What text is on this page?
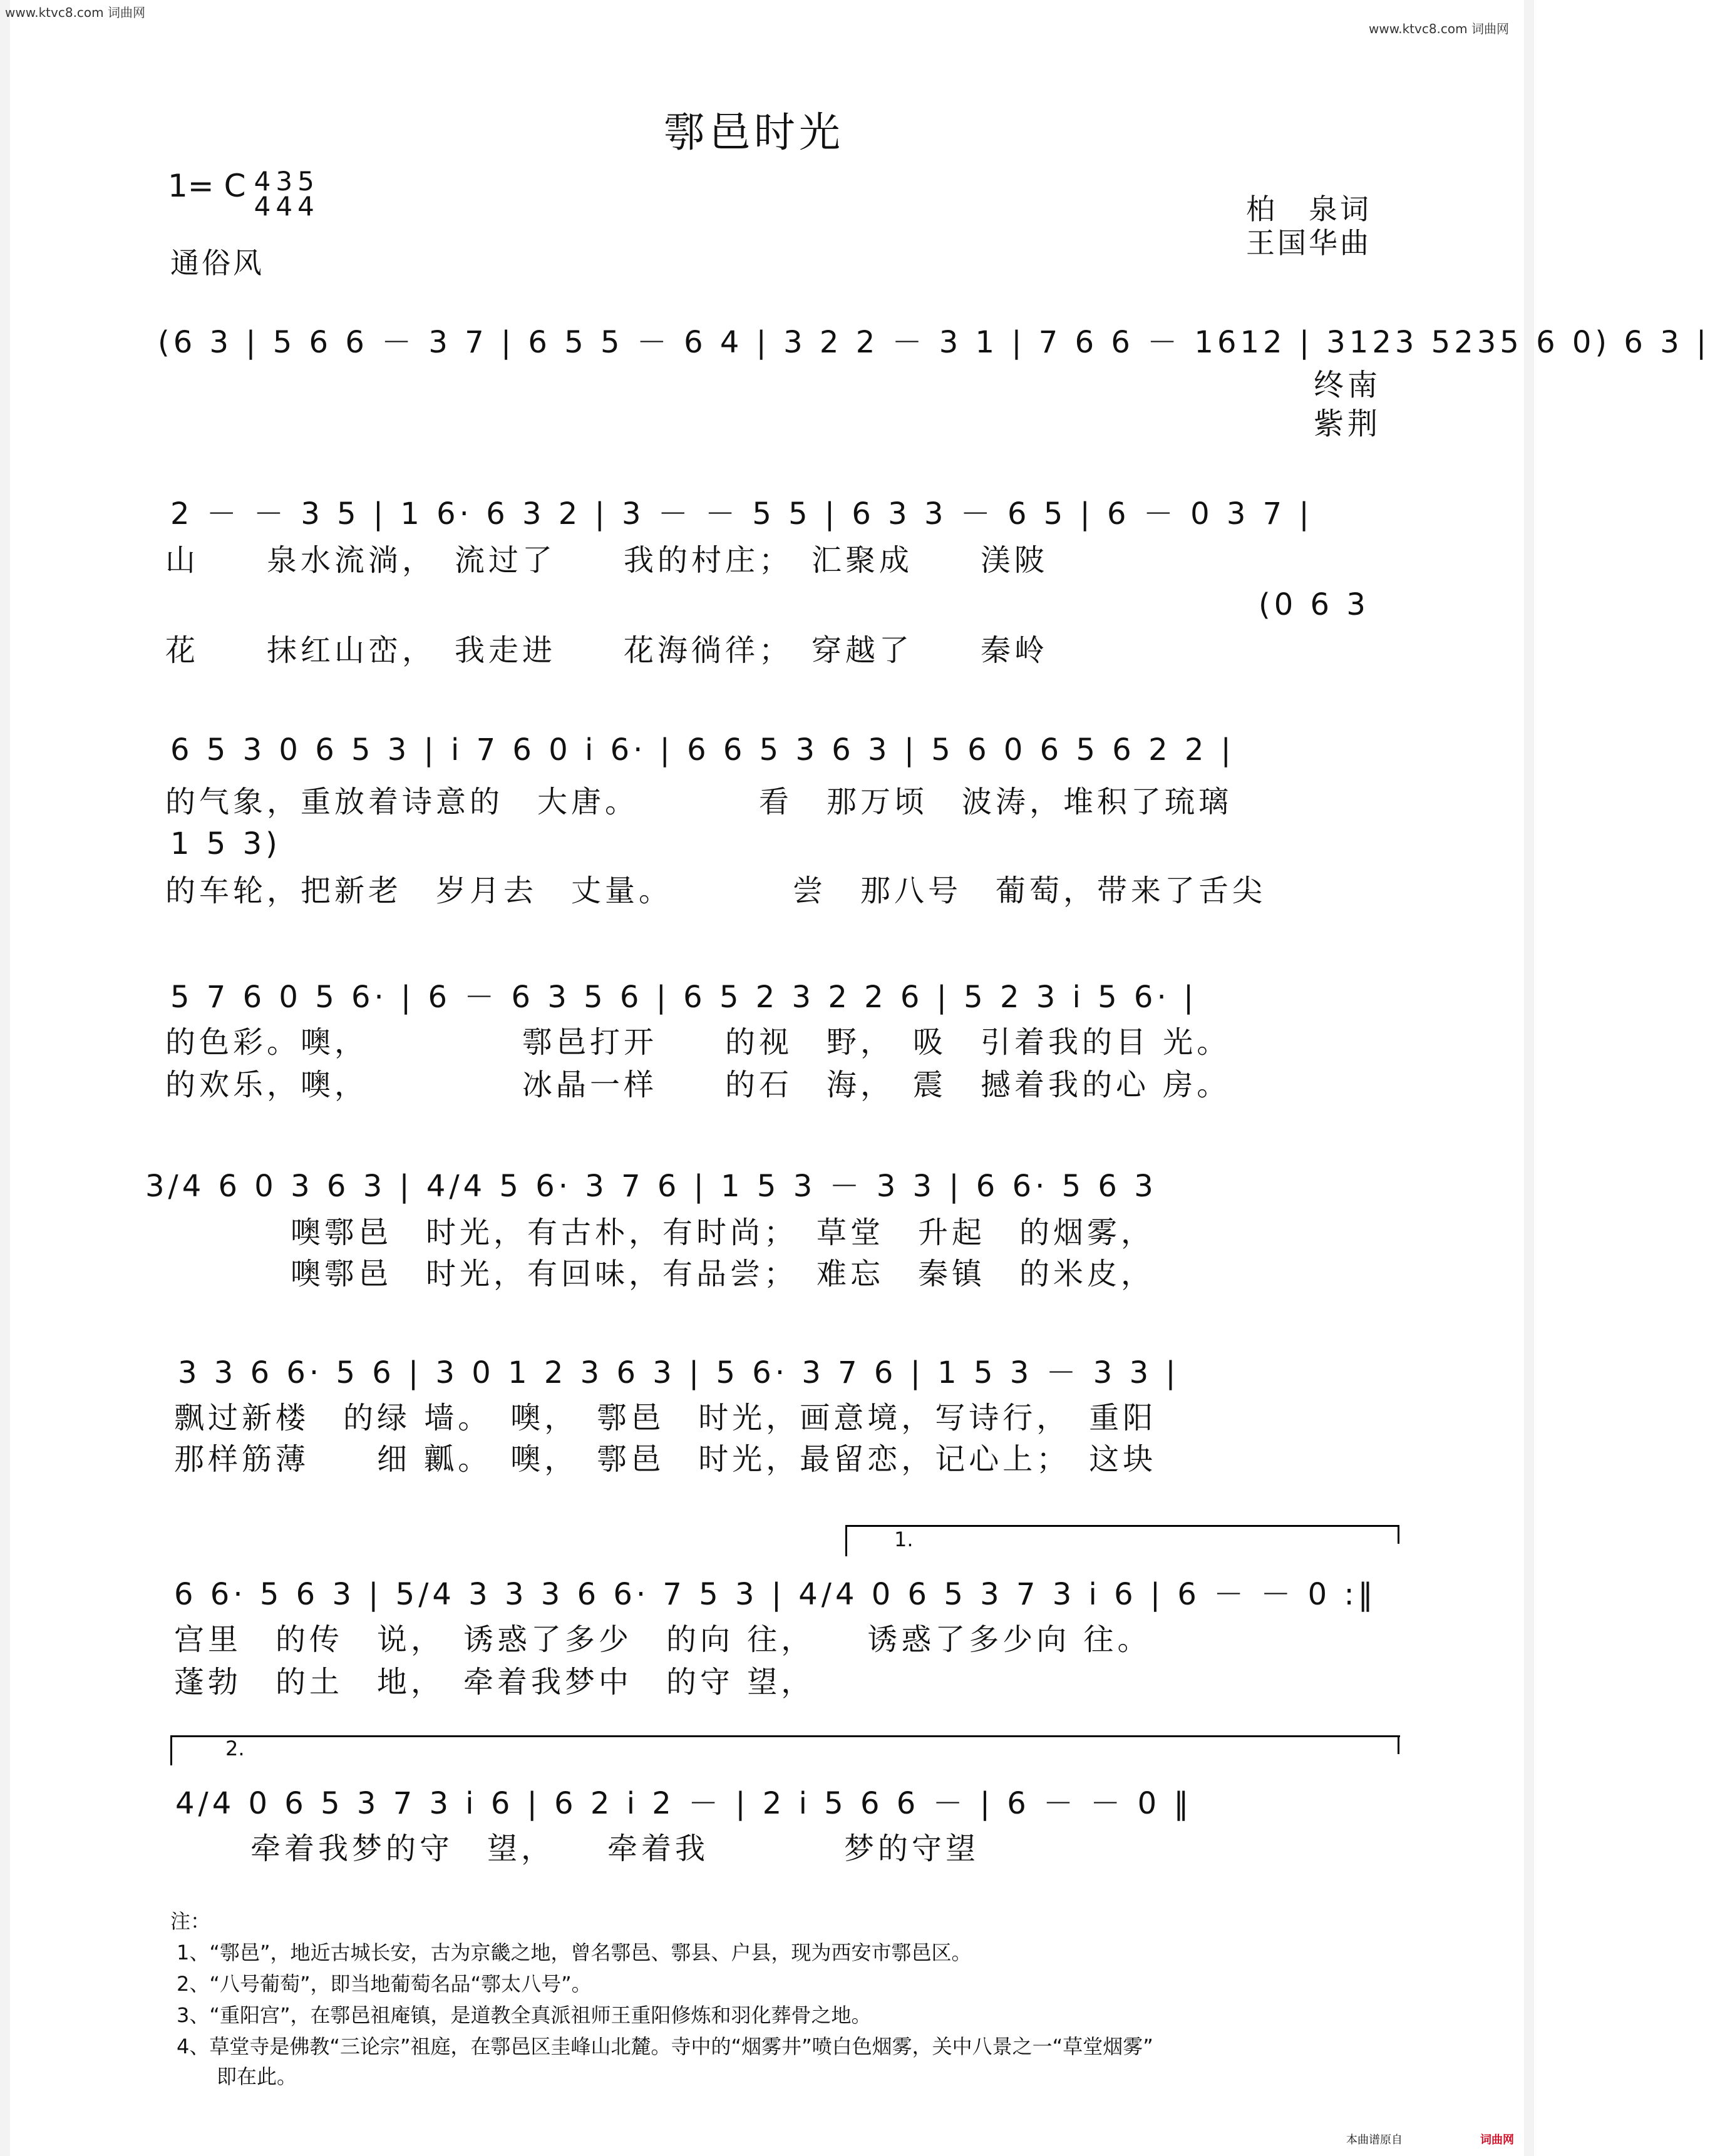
www.ktvc8.com 词曲网
www.ktvc8.com 词曲网
鄠邑时光
1= C 4
4
3
4
5
4
通俗风
柏　泉词
王国华曲
(6 3 | 5 6 6 － 3 7 | 6 5 5 － 6 4 | 3 2 2 － 3 1 | 7 6 6 － 1612 | 3123 5235 6 0) 6 3 |
终南
紫荆
2 － － 3 5 | 1 6· 6 3 2 | 3 － － 5 5 | 6 3 3 － 6 5 | 6 － 0 3 7 |
山　　泉水流淌，　流过了　　我的村庄；　汇聚成　　渼陂
(0 6 3
花　　抹红山峦，　我走进　　花海徜徉；　穿越了　　秦岭
6 5 3 0 6 5 3 | i 7 6 0 i 6· | 6 6 5 3 6 3 | 5 6 0 6 5 6 2 2 |
的气象，重放着诗意的　大唐。　　　　看　那万顷　波涛，堆积了琉璃
1 5 3)
的车轮，把新老　岁月去　丈量。　　　　尝　那八号　葡萄，带来了舌尖
5 7 6 0 5 6· | 6 － 6 3 5 6 | 6 5 2 3 2 2 6 | 5 2 3 i 5 6· |
的色彩。噢，　　　　　鄠邑打开　　的视　野，　吸　引着我的目 光。
的欢乐，噢，　　　　　冰晶一样　　的石　海，　震　撼着我的心 房。
3/4 6 0 3 6 3 | 4/4 5 6· 3 7 6 | 1 5 3 － 3 3 | 6 6· 5 6 3
噢鄠邑　时光，有古朴，有时尚；　草堂　升起　的烟雾，
噢鄠邑　时光，有回味，有品尝；　难忘　秦镇　的米皮，
3 3 6 6· 5 6 | 3 0 1 2 3 6 3 | 5 6· 3 7 6 | 1 5 3 － 3 3 |
飘过新楼　的绿 墙。　噢，　鄠邑　时光，画意境，写诗行，　重阳
那样筋薄　　细 瓤。　噢，　鄠邑　时光，最留恋，记心上；　这块
1.
6 6· 5 6 3 | 5/4 3 3 3 6 6· 7 5 3 | 4/4 0 6 5 3 7 3 i 6 | 6 － － 0 :‖
宫里　的传　说，　诱惑了多少　的向 往，　　诱惑了多少向 往。
蓬勃　的土　地，　牵着我梦中　的守 望，
2.
4/4 0 6 5 3 7 3 i 6 | 6 2 i 2 － | 2 i 5 6 6 － | 6 － － 0 ‖
牵着我梦的守　望，　　牵着我　　　　梦的守望
注：
1、“鄠邑”，地近古城长安，古为京畿之地，曾名鄠邑、鄠县、户县，现为西安市鄠邑区。
2、“八号葡萄”，即当地葡萄名品“鄠太八号”。
3、“重阳宫”，在鄠邑祖庵镇，是道教全真派祖师王重阳修炼和羽化葬骨之地。
4、草堂寺是佛教“三论宗”祖庭，在鄠邑区圭峰山北麓。寺中的“烟雾井”喷白色烟雾，关中八景之一“草堂烟雾”
　　即在此。
本曲谱原自	词曲网
